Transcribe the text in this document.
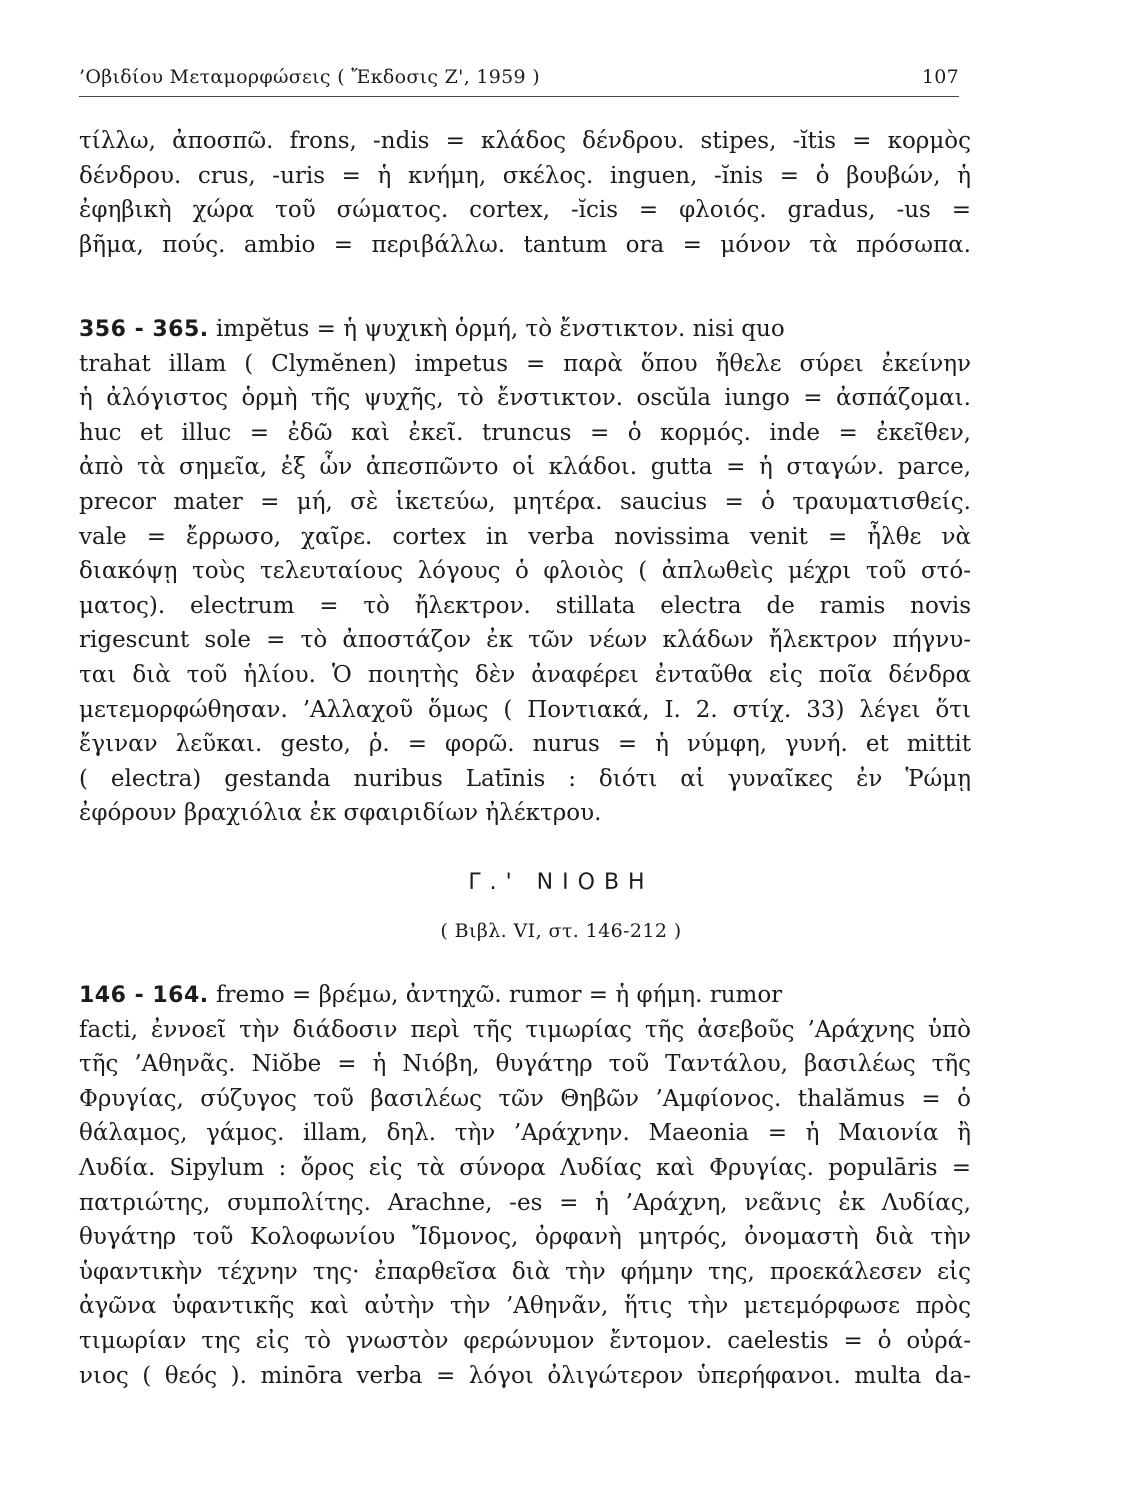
’Οβιδίου Μεταμορφώσεις ( Ἔκδοσις Ζ', 1959 )	107
τίλλω, ἀποσπῶ. frons, -ndis = κλάδος δένδρου. stipes, -ĭtis = κορμὸς
δένδρου. crus, -uris = ἡ κνήμη, σκέλος. inguen, -ĭnis = ὁ βουβών, ἡ
ἐφηβικὴ χώρα τοῦ σώματος. cortex, -ĭcis = φλοιός. gradus, -us =
βῆμα, πούς. ambio = περιβάλλω. tantum ora = μόνον τὰ πρόσωπα.
356 - 365. impĕtus = ἡ ψυχικὴ ὁρμή, τὸ ἔνστικτον. nisi quo
trahat illam ( Clymĕnen) impetus = παρὰ ὅπου ἤθελε σύρει ἐκείνην
ἡ ἀλόγιστος ὁρμὴ τῆς ψυχῆς, τὸ ἔνστικτον. oscŭla iungo = ἀσπάζομαι.
huc et illuc = ἐδῶ καὶ ἐκεῖ. truncus = ὁ κορμός. inde = ἐκεῖθεν,
ἀπὸ τὰ σημεῖα, ἐξ ὧν ἀπεσπῶντο οἱ κλάδοι. gutta = ἡ σταγών. parce,
precor mater = μή, σὲ ἱκετεύω, μητέρα. saucius = ὁ τραυματισθείς.
vale = ἔρρωσο, χαῖρε. cortex in verba novissima venit = ἦλθε νὰ
διακόψῃ τοὺς τελευταίους λόγους ὁ φλοιὸς ( ἀπλωθεὶς μέχρι τοῦ στό-
ματος). electrum = τὸ ἤλεκτρον. stillata electra de ramis novis
rigescunt sole = τὸ ἀποστάζον ἐκ τῶν νέων κλάδων ἤλεκτρον πήγνυ-
ται διὰ τοῦ ἡλίου. Ὁ ποιητὴς δὲν ἀναφέρει ἐνταῦθα εἰς ποῖα δένδρα
μετεμορφώθησαν. ’Αλλαχοῦ ὅμως ( Ποντιακά, I. 2. στίχ. 33) λέγει ὅτι
ἔγιναν λεῦκαι. gesto, ῥ. = φορῶ. nurus = ἡ νύμφη, γυνή. et mittit
( electra) gestanda nuribus Latīnis : διότι αἱ γυναῖκες ἐν Ῥώμῃ
ἐφόρουν βραχιόλια ἐκ σφαιριδίων ἠλέκτρου.
Γ.' ΝΙΟΒΗ
( Βιβλ. VI, στ. 146-212 )
146 - 164. fremo = βρέμω, ἀντηχῶ. rumor = ἡ φήμη. rumor
facti, ἐννοεῖ τὴν διάδοσιν περὶ τῆς τιμωρίας τῆς ἀσεβοῦς ’Αράχνης ὑπὸ
τῆς ’Αθηνᾶς. Niŏbe = ἡ Νιόβη, θυγάτηρ τοῦ Ταντάλου, βασιλέως τῆς
Φρυγίας, σύζυγος τοῦ βασιλέως τῶν Θηβῶν ’Αμφίονος. thalămus = ὁ
θάλαμος, γάμος. illam, δηλ. τὴν ’Αράχνην. Maeonia = ἡ Μαιονία ἢ
Λυδία. Sipylum : ὄρος εἰς τὰ σύνορα Λυδίας καὶ Φρυγίας. populāris =
πατριώτης, συμπολίτης. Arachne, -es = ἡ ’Αράχνη, νεᾶνις ἐκ Λυδίας,
θυγάτηρ τοῦ Κολοφωνίου Ἴδμονος, ὀρφανὴ μητρός, ὀνομαστὴ διὰ τὴν
ὑφαντικὴν τέχνην της· ἐπαρθεῖσα διὰ τὴν φήμην της, προεκάλεσεν εἰς
ἀγῶνα ὑφαντικῆς καὶ αὐτὴν τὴν ’Αθηνᾶν, ἥτις τὴν μετεμόρφωσε πρὸς
τιμωρίαν της εἰς τὸ γνωστὸν φερώνυμον ἔντομον. caelestis = ὁ οὐρά-
νιος ( θεός ). minōra verba = λόγοι ὀλιγώτερον ὑπερήφανοι. multa da-
